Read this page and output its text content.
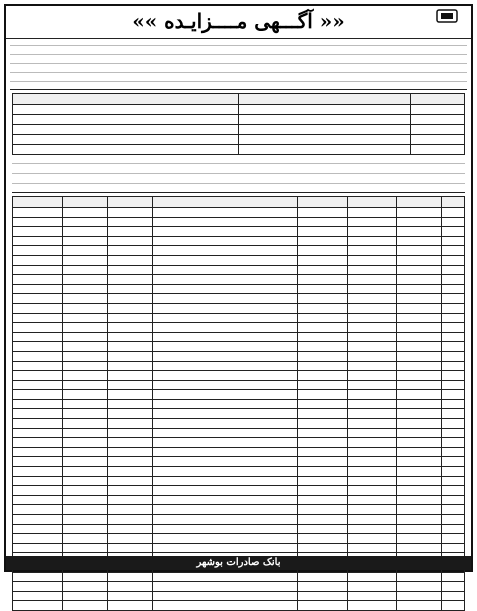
«« آگـــهی مــــزایـده »»

بانک صادرات بوشهر
